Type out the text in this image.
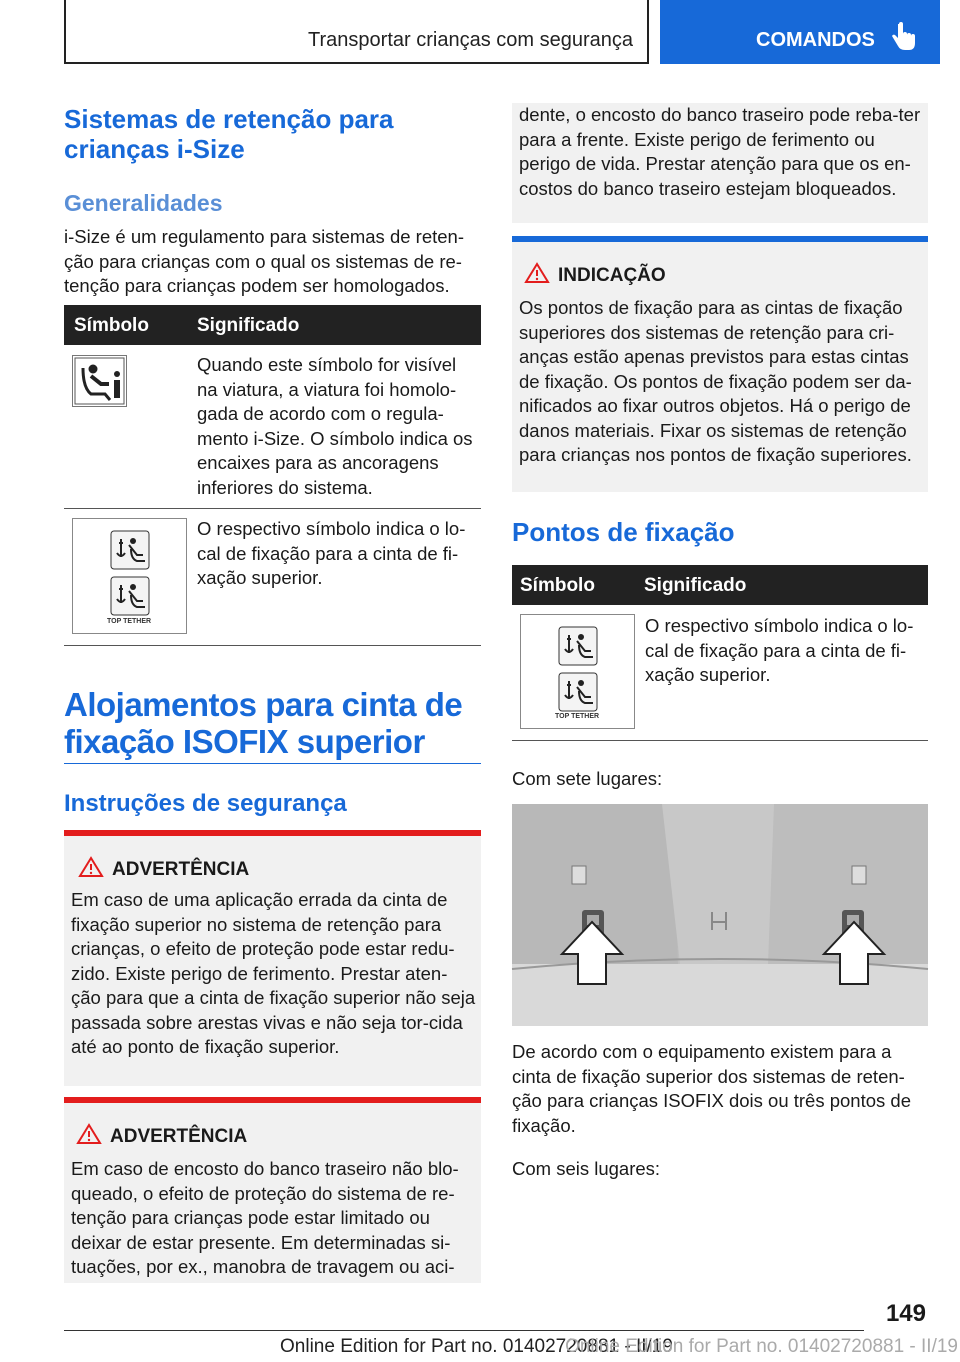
Transportar crianças com segurança	COMANDOS
Sistemas de retenção para crianças i-Size
Generalidades
i-Size é um regulamento para sistemas de reten-ção para crianças com o qual os sistemas de re-tenção para crianças podem ser homologados.
Símbolo	Significado
Quando este símbolo for visível na viatura, a viatura foi homolo-gada de acordo com o regula-mento i-Size. O símbolo indica os encaixes para as ancoragens inferiores do sistema.
TOP TETHER
O respectivo símbolo indica o lo-cal de fixação para a cinta de fi-xação superior.
Alojamentos para cinta de fixação ISOFIX superior
Instruções de segurança
ADVERTÊNCIA
Em caso de uma aplicação errada da cinta de fixação superior no sistema de retenção para crianças, o efeito de proteção pode estar redu-zido. Existe perigo de ferimento. Prestar aten-ção para que a cinta de fixação superior não seja passada sobre arestas vivas e não seja tor-cida até ao ponto de fixação superior.
ADVERTÊNCIA
Em caso de encosto do banco traseiro não blo-queado, o efeito de proteção do sistema de re-tenção para crianças pode estar limitado ou deixar de estar presente. Em determinadas si-tuações, por ex., manobra de travagem ou aci-
dente, o encosto do banco traseiro pode reba-ter para a frente. Existe perigo de ferimento ou perigo de vida. Prestar atenção para que os en-costos do banco traseiro estejam bloqueados.
INDICAÇÃO
Os pontos de fixação para as cintas de fixação superiores dos sistemas de retenção para cri-anças estão apenas previstos para estas cintas de fixação. Os pontos de fixação podem ser da-nificados ao fixar outros objetos. Há o perigo de danos materiais. Fixar os sistemas de retenção para crianças nos pontos de fixação superiores.
Pontos de fixação
Símbolo	Significado
TOP TETHER
O respectivo símbolo indica o lo-cal de fixação para a cinta de fi-xação superior.
Com sete lugares:
De acordo com o equipamento existem para a cinta de fixação superior dos sistemas de reten-ção para crianças ISOFIX dois ou três pontos de fixação.
Com seis lugares:
149
Online Edition for Part no. 01402720881 - II/19
Online Edition for Part no. 01402720881 - II/19
